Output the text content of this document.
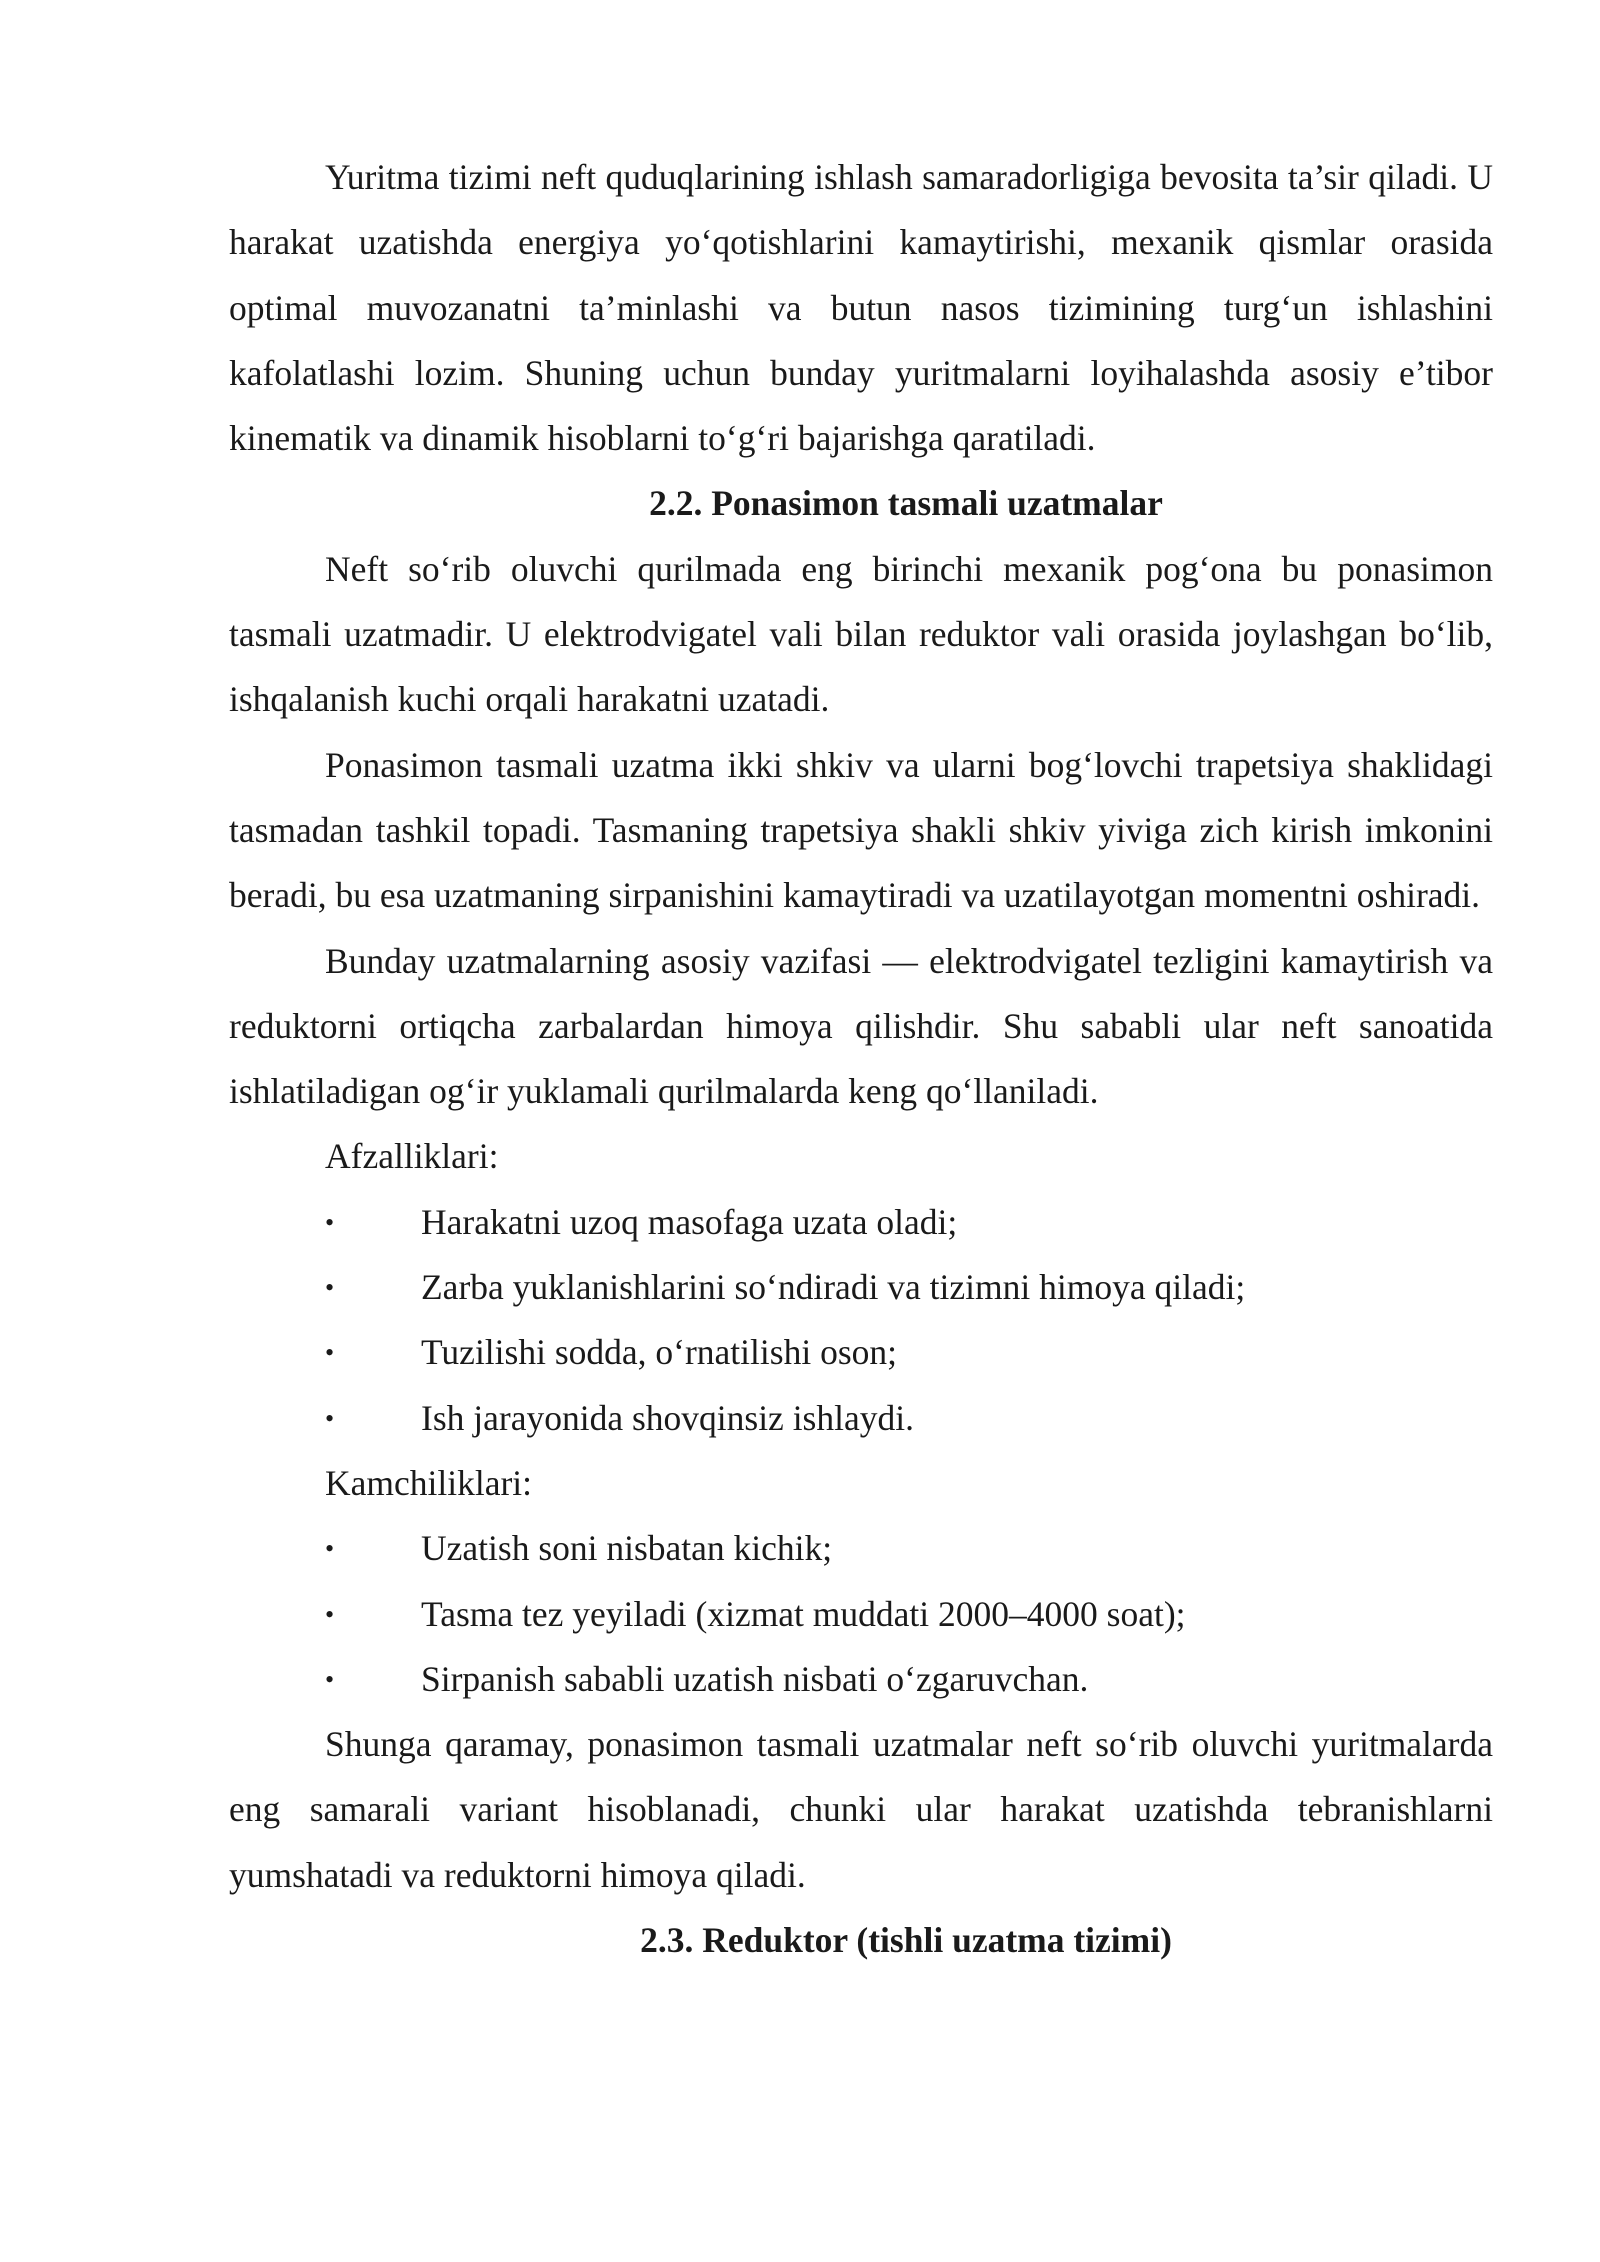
Yuritma tizimi neft quduqlarining ishlash samaradorligiga bevosita ta’sir qiladi. U harakat uzatishda energiya yo‘qotishlarini kamaytirishi, mexanik qismlar orasida optimal muvozanatni ta’minlashi va butun nasos tizimining turg‘un ishlashini kafolatlashi lozim. Shuning uchun bunday yuritmalarni loyihalashda asosiy e’tibor kinematik va dinamik hisoblarni to‘g‘ri bajarishga qaratiladi.

2.2. Ponasimon tasmali uzatmalar

Neft so‘rib oluvchi qurilmada eng birinchi mexanik pog‘ona bu ponasimon tasmali uzatmadir. U elektrodvigatel vali bilan reduktor vali orasida joylashgan bo‘lib, ishqalanish kuchi orqali harakatni uzatadi.

Ponasimon tasmali uzatma ikki shkiv va ularni bog‘lovchi trapetsiya shaklidagi tasmadan tashkil topadi. Tasmaning trapetsiya shakli shkiv yiviga zich kirish imkonini beradi, bu esa uzatmaning sirpanishini kamaytiradi va uzatilayotgan momentni oshiradi.

Bunday uzatmalarning asosiy vazifasi — elektrodvigatel tezligini kamaytirish va reduktorni ortiqcha zarbalardan himoya qilishdir. Shu sababli ular neft sanoatida ishlatiladigan og‘ir yuklamali qurilmalarda keng qo‘llaniladi.

Afzalliklari:

• Harakatni uzoq masofaga uzata oladi;
• Zarba yuklanishlarini so‘ndiradi va tizimni himoya qiladi;
• Tuzilishi sodda, o‘rnatilishi oson;
• Ish jarayonida shovqinsiz ishlaydi.

Kamchiliklari:

• Uzatish soni nisbatan kichik;
• Tasma tez yeyiladi (xizmat muddati 2000–4000 soat);
• Sirpanish sababli uzatish nisbati o‘zgaruvchan.

Shunga qaramay, ponasimon tasmali uzatmalar neft so‘rib oluvchi yuritmalarda eng samarali variant hisoblanadi, chunki ular harakat uzatishda tebranishlarni yumshatadi va reduktorni himoya qiladi.

2.3. Reduktor (tishli uzatma tizimi)
